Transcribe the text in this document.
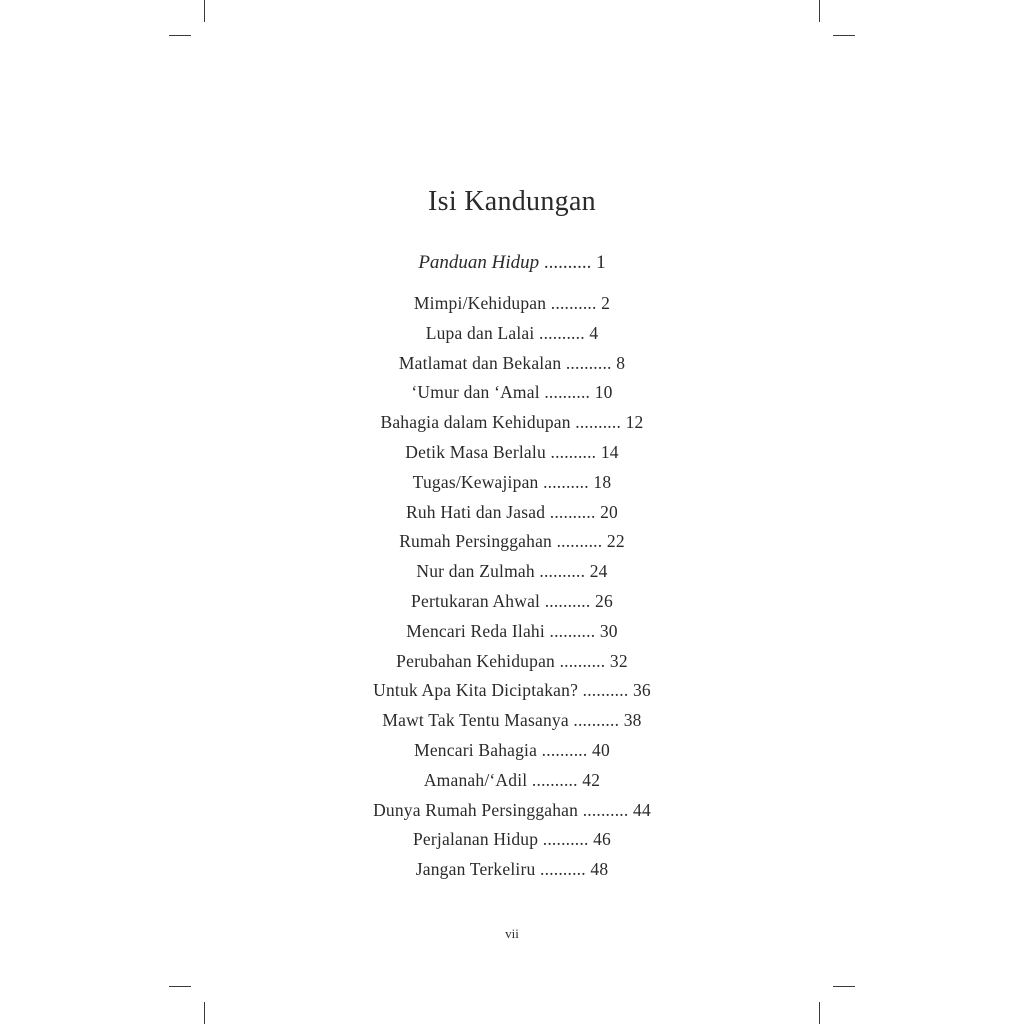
Isi Kandungan
Panduan Hidup .......... 1
Mimpi/Kehidupan .......... 2
Lupa dan Lalai .......... 4
Matlamat dan Bekalan .......... 8
‘Umur dan ‘Amal .......... 10
Bahagia dalam Kehidupan .......... 12
Detik Masa Berlalu .......... 14
Tugas/Kewajipan .......... 18
Ruh Hati dan Jasad .......... 20
Rumah Persinggahan .......... 22
Nur dan Zulmah .......... 24
Pertukaran Ahwal .......... 26
Mencari Reda Ilahi .......... 30
Perubahan Kehidupan .......... 32
Untuk Apa Kita Diciptakan? .......... 36
Mawt Tak Tentu Masanya .......... 38
Mencari Bahagia .......... 40
Amanah/‘Adil .......... 42
Dunya Rumah Persinggahan .......... 44
Perjalanan Hidup .......... 46
Jangan Terkeliru .......... 48
vii
